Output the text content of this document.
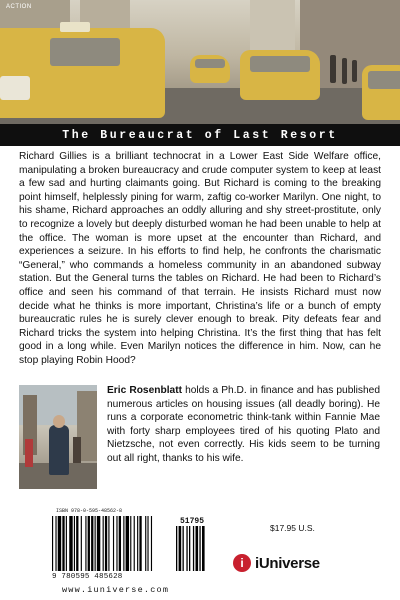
ACTION
The Bureaucrat of Last Resort

Richard Gillies is a brilliant technocrat in a Lower East Side Welfare office, manipulating a broken bureaucracy and crude computer system to keep at least a few sad and hurting claimants going. But Richard is coming to the breaking point himself, helplessly pining for warm, zaftig co-worker Marilyn. One night, to his shame, Richard approaches an oddly alluring and shy street-prostitute, only to recognize a lovely but deeply disturbed woman he had been unable to help at the office. The woman is more upset at the encounter than Richard, and experiences a seizure. In his efforts to find help, he confronts the charismatic “General,” who commands a homeless community in an abandoned subway station. But the General turns the tables on Richard. He had been to Richard’s office and seen his command of that terrain. He insists Richard must now decide what he thinks is more important, Christina’s life or a bunch of empty bureaucratic rules he is surely clever enough to break. Pity defeats fear and Richard tricks the system into helping Christina. It’s the first thing that has felt good in a long while. Even Marilyn notices the difference in him. Now, can he stop playing Robin Hood?

Eric Rosenblatt holds a Ph.D. in finance and has published numerous articles on housing issues (all deadly boring). He runs a corporate econometric think-tank within Fannie Mae with forty sharp employees tired of his quoting Plato and Nietzsche, not even correctly. His kids seem to be turning out all right, thanks to his wife.

ISBN 978-0-595-48562-8
51795
9 780595 485628
$17.95 U.S.
i iUniverse
www.iuniverse.com
